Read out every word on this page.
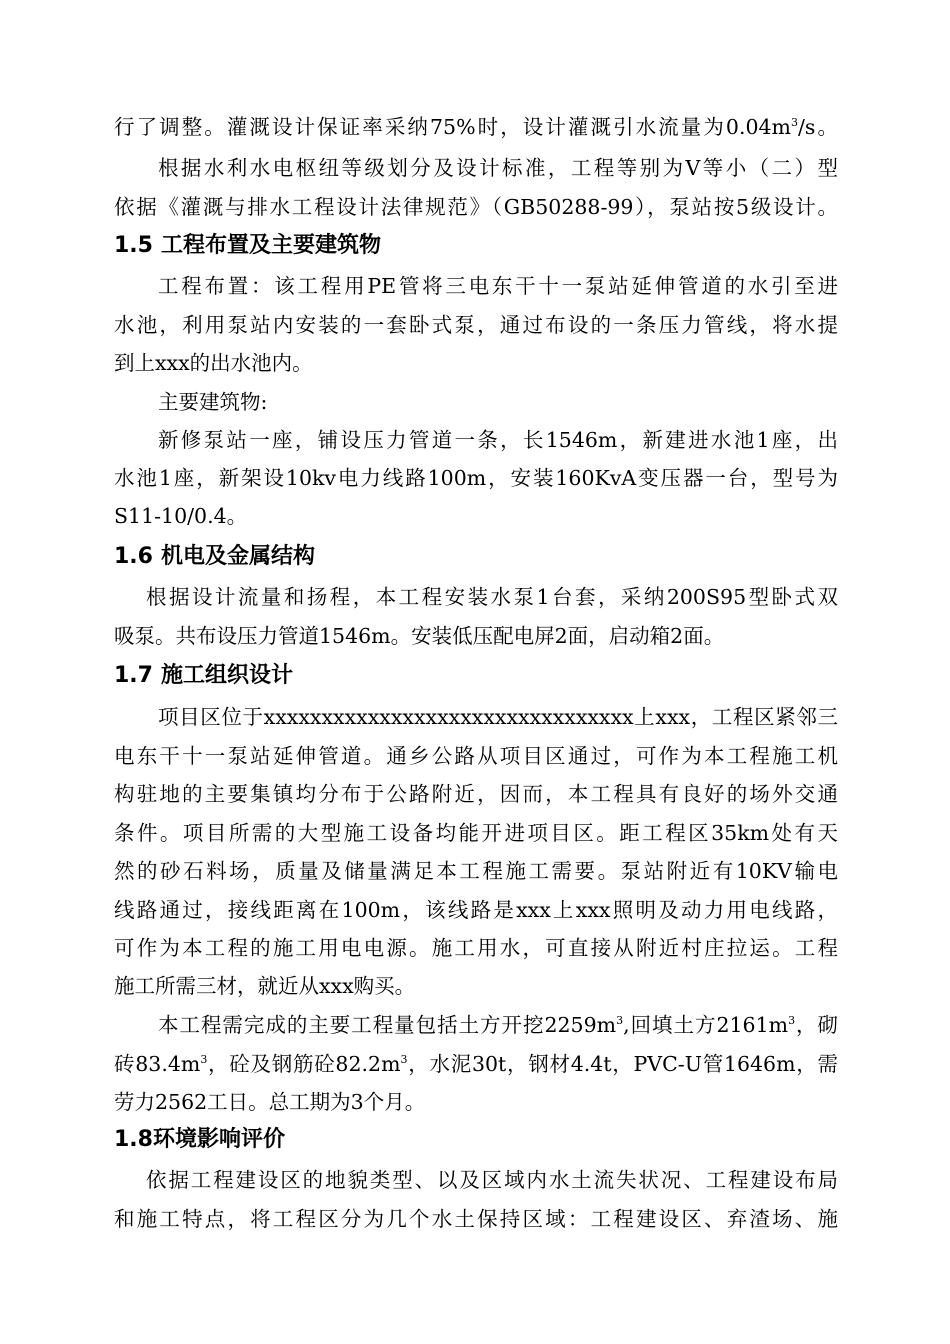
行了调整。灌溉设计保证率采纳75%时，设计灌溉引水流量为$0.04m^3/s$。
根据水利水电枢纽等级划分及设计标准，工程等别为Ⅴ等小（二）型
依据《灌溉与排水工程设计法律规范》（GB50288-99），泵站按5级设计。
1.5 工程布置及主要建筑物
工程布置：该工程用PE管将三电东干十一泵站延伸管道的水引至进
水池，利用泵站内安装的一套卧式泵，通过布设的一条压力管线，将水提
到上xxx的出水池内。
主要建筑物:
新修泵站一座，铺设压力管道一条，长1546m，新建进水池1座，出
水池1座，新架设10kv电力线路100m，安装160KvA变压器一台，型号为
S11-10/0.4。
1.6 机电及金属结构
根据设计流量和扬程，本工程安装水泵1台套，采纳200S95型卧式双
吸泵。共布设压力管道1546m。安装低压配电屏2面，启动箱2面。
1.7 施工组织设计
项目区位于xxxxxxxxxxxxxxxxxxxxxxxxxxxxxxxx上xxx，工程区紧邻三
电东干十一泵站延伸管道。通乡公路从项目区通过，可作为本工程施工机
构驻地的主要集镇均分布于公路附近，因而，本工程具有良好的场外交通
条件。项目所需的大型施工设备均能开进项目区。距工程区35km处有天
然的砂石料场，质量及储量满足本工程施工需要。泵站附近有10KV输电
线路通过，接线距离在100m，该线路是xxx上xxx照明及动力用电线路，
可作为本工程的施工用电电源。施工用水，可直接从附近村庄拉运。工程
施工所需三材，就近从xxx购买。
本工程需完成的主要工程量包括土方开挖$2259m^3$,回填土方$2161m^3$，砌
砖$83.4m^3$，砼及钢筋砼$82.2m^3$，水泥30t，钢材4.4t，PVC-U管1646m，需
劳力2562工日。总工期为3个月。
1.8环境影响评价
依据工程建设区的地貌类型、以及区域内水土流失状况、工程建设布局
和施工特点，将工程区分为几个水土保持区域：工程建设区、弃渣场、施
